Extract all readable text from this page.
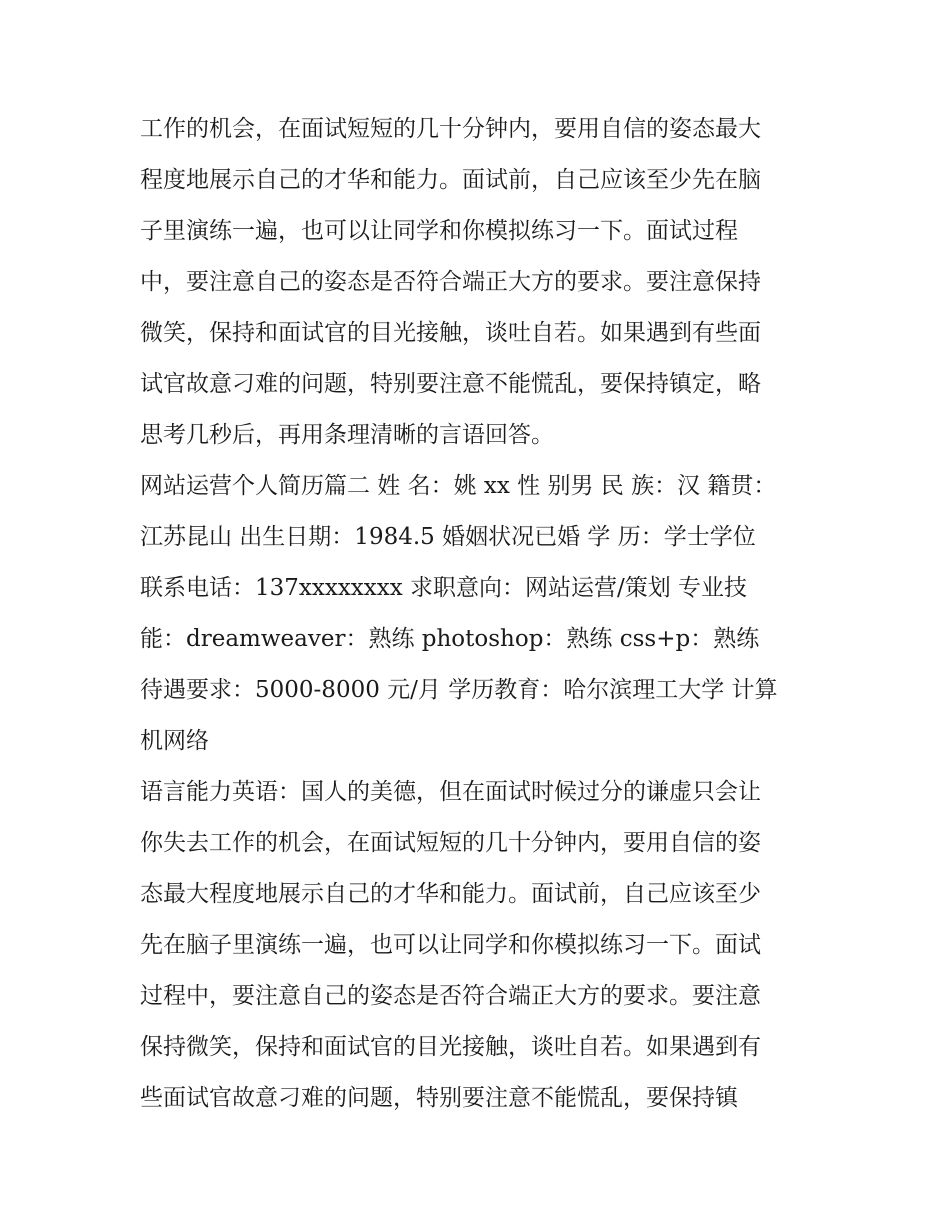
工作的机会，在面试短短的几十分钟内，要用自信的姿态最大
程度地展示自己的才华和能力。面试前，自己应该至少先在脑
子里演练一遍，也可以让同学和你模拟练习一下。面试过程
中，要注意自己的姿态是否符合端正大方的要求。要注意保持
微笑，保持和面试官的目光接触，谈吐自若。如果遇到有些面
试官故意刁难的问题，特别要注意不能慌乱，要保持镇定，略
思考几秒后，再用条理清晰的言语回答。
网站运营个人简历篇二 姓 名：姚 xx 性 别男 民 族：汉 籍贯：
江苏昆山 出生日期：1984.5 婚姻状况已婚 学 历：学士学位
联系电话：137xxxxxxxx 求职意向：网站运营/策划 专业技
能：dreamweaver：熟练 photoshop：熟练 css+p：熟练
待遇要求：5000-8000 元/月 学历教育：哈尔滨理工大学 计算
机网络
语言能力英语：国人的美德，但在面试时候过分的谦虚只会让
你失去工作的机会，在面试短短的几十分钟内，要用自信的姿
态最大程度地展示自己的才华和能力。面试前，自己应该至少
先在脑子里演练一遍，也可以让同学和你模拟练习一下。面试
过程中，要注意自己的姿态是否符合端正大方的要求。要注意
保持微笑，保持和面试官的目光接触，谈吐自若。如果遇到有
些面试官故意刁难的问题，特别要注意不能慌乱，要保持镇
